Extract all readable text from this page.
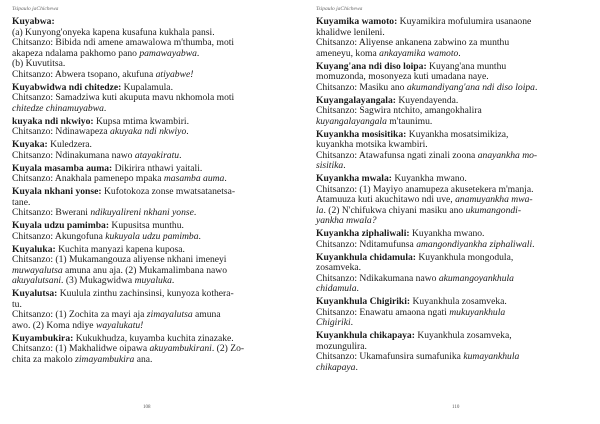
Tsipaulo jaChichewa	Tsipaulo jaChichewa
Kuyabwa:
(a) Kunyong'onyeka kapena kusafuna kukhala pansi.
Chitsanzo: Bibida ndi amene amawalowa m'thumba, moti
akapeza ndalama pakhomo pano pamawayabwa.
(b) Kuvutitsa.
Chitsanzo: Abwera tsopano, akufuna atiyabwe!
Kuyabwidwa ndi chitedze: Kupalamula.
Chitsanzo: Samadziwa kuti akuputa mavu nkhomola moti
chitedze chinamuyabwa.
kuyaka ndi nkwiyo: Kupsa mtima kwambiri.
Chitsanzo: Ndinawapeza akuyaka ndi nkwiyo.
Kuyaka: Kuledzera.
Chitsanzo: Ndinakumana nawo atayakiratu.
Kuyala masamba auma: Dikirira nthawi yaitali.
Chitsanzo: Anakhala pamenepo mpaka masamba auma.
Kuyala nkhani yonse: Kufotokoza zonse mwatsatanetsa-
tane.
Chitsanzo: Bwerani ndikuyalireni nkhani yonse.
Kuyala udzu pamimba: Kupusitsa munthu.
Chitsanzo: Akungofuna kukuyala udzu pamimba.
Kuyaluka: Kuchita manyazi kapena kuposa.
Chitsanzo: (1) Mukamangouza aliyense nkhani imeneyi
muwayalutsa amuna anu aja. (2) Mukamalimbana nawo
akuyalutsani. (3) Mukagwidwa muyaluka.
Kuyalutsa: Kuulula zinthu zachinsinsi, kunyoza kothera-
tu.
Chitsanzo: (1) Zochita za mayi aja zimayalutsa amuna
awo. (2) Koma ndiye wayalukatu!
Kuyambukira: Kukukhudza, kuyamba kuchita zinazake.
Chitsanzo: (1) Makhalidwe oipawa akuyambukirani. (2) Zo-
chita za makolo zimayambukira ana.
Kuyamika wamoto: Kuyamikira mofulumira usanaone
khalidwe lenileni.
Chitsanzo: Aliyense ankanena zabwino za munthu
ameneyu, koma ankayamika wamoto.
Kuyang'ana ndi diso loipa: Kuyang'ana munthu
momuzonda, mosonyeza kuti umadana naye.
Chitsanzo: Masiku ano akumandiyang'ana ndi diso loipa.
Kuyangalayangala: Kuyendayenda.
Chitsanzo: Sagwira ntchito, amangokhalira
kuyangalayangala m'taunimu.
Kuyankha mosisitika: Kuyankha mosatsimikiza,
kuyankha motsika kwambiri.
Chitsanzo: Atawafunsa ngati zinali zoona anayankha mo-
sisitika.
Kuyankha mwala: Kuyankha mwano.
Chitsanzo: (1) Mayiyo anamupeza akusetekera m'manja.
Atamuuza kuti akuchitawo ndi uve, anamuyankha mwa-
la. (2) N'chifukwa chiyani masiku ano ukumangondi-
yankha mwala?
Kuyankha ziphaliwali: Kuyankha mwano.
Chitsanzo: Nditamufunsa amangondiyankha ziphaliwali.
Kuyankhula chidamula: Kuyankhula mongodula,
zosamveka.
Chitsanzo: Ndikakumana nawo akumangoyankhula
chidamula.
Kuyankhula Chigiriki: Kuyankhula zosamveka.
Chitsanzo: Enawatu amaona ngati mukuyankhula
Chigiriki.
Kuyankhula chikapaya: Kuyankhula zosamveka,
mozungulira.
Chitsanzo: Ukamafunsira sumafunika kumayankhula
chikapaya.
108	110
